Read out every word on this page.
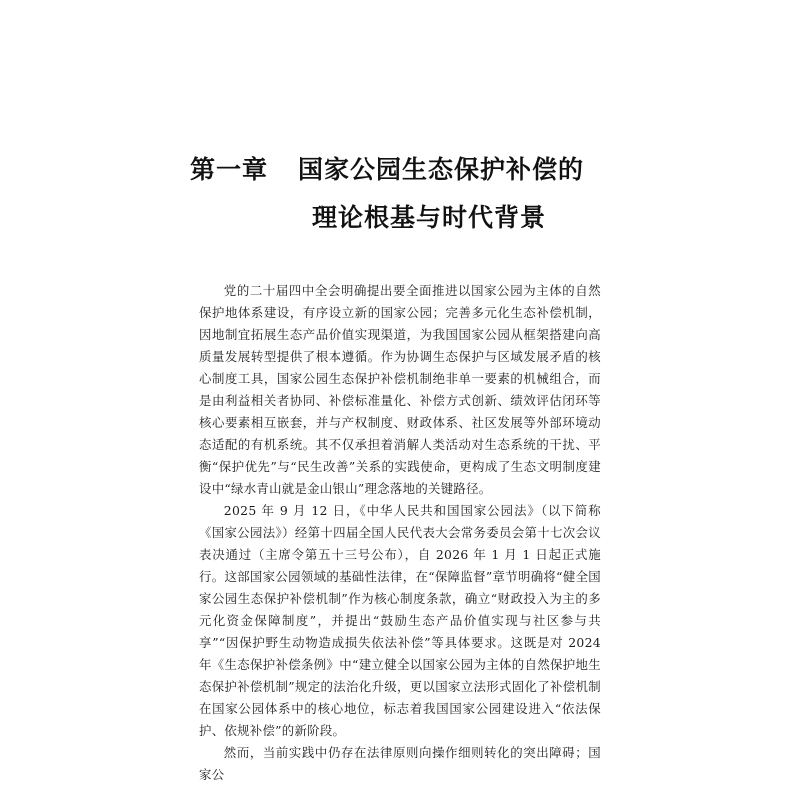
第一章 国家公园生态保护补偿的
理论根基与时代背景

党的二十届四中全会明确提出要全面推进以国家公园为主体的自然保护地体系建设，有序设立新的国家公园；完善多元化生态补偿机制，因地制宜拓展生态产品价值实现渠道，为我国国家公园从框架搭建向高质量发展转型提供了根本遵循。作为协调生态保护与区域发展矛盾的核心制度工具，国家公园生态保护补偿机制绝非单一要素的机械组合，而是由利益相关者协同、补偿标准量化、补偿方式创新、绩效评估闭环等核心要素相互嵌套，并与产权制度、财政体系、社区发展等外部环境动态适配的有机系统。其不仅承担着消解人类活动对生态系统的干扰、平衡“保护优先”与“民生改善”关系的实践使命，更构成了生态文明制度建设中“绿水青山就是金山银山”理念落地的关键路径。

2025 年 9 月 12 日，《中华人民共和国国家公园法》（以下简称《国家公园法》）经第十四届全国人民代表大会常务委员会第十七次会议表决通过（主席令第五十三号公布），自 2026 年 1 月 1 日起正式施行。这部国家公园领域的基础性法律，在“保障监督”章节明确将“健全国家公园生态保护补偿机制”作为核心制度条款，确立“财政投入为主的多元化资金保障制度”，并提出“鼓励生态产品价值实现与社区参与共享”“因保护野生动物造成损失依法补偿”等具体要求。这既是对 2024 年《生态保护补偿条例》中“建立健全以国家公园为主体的自然保护地生态保护补偿机制”规定的法治化升级，更以国家立法形式固化了补偿机制在国家公园体系中的核心地位，标志着我国国家公园建设进入“依法保护、依规补偿”的新阶段。

然而，当前实践中仍存在法律原则向操作细则转化的突出障碍；国家公
